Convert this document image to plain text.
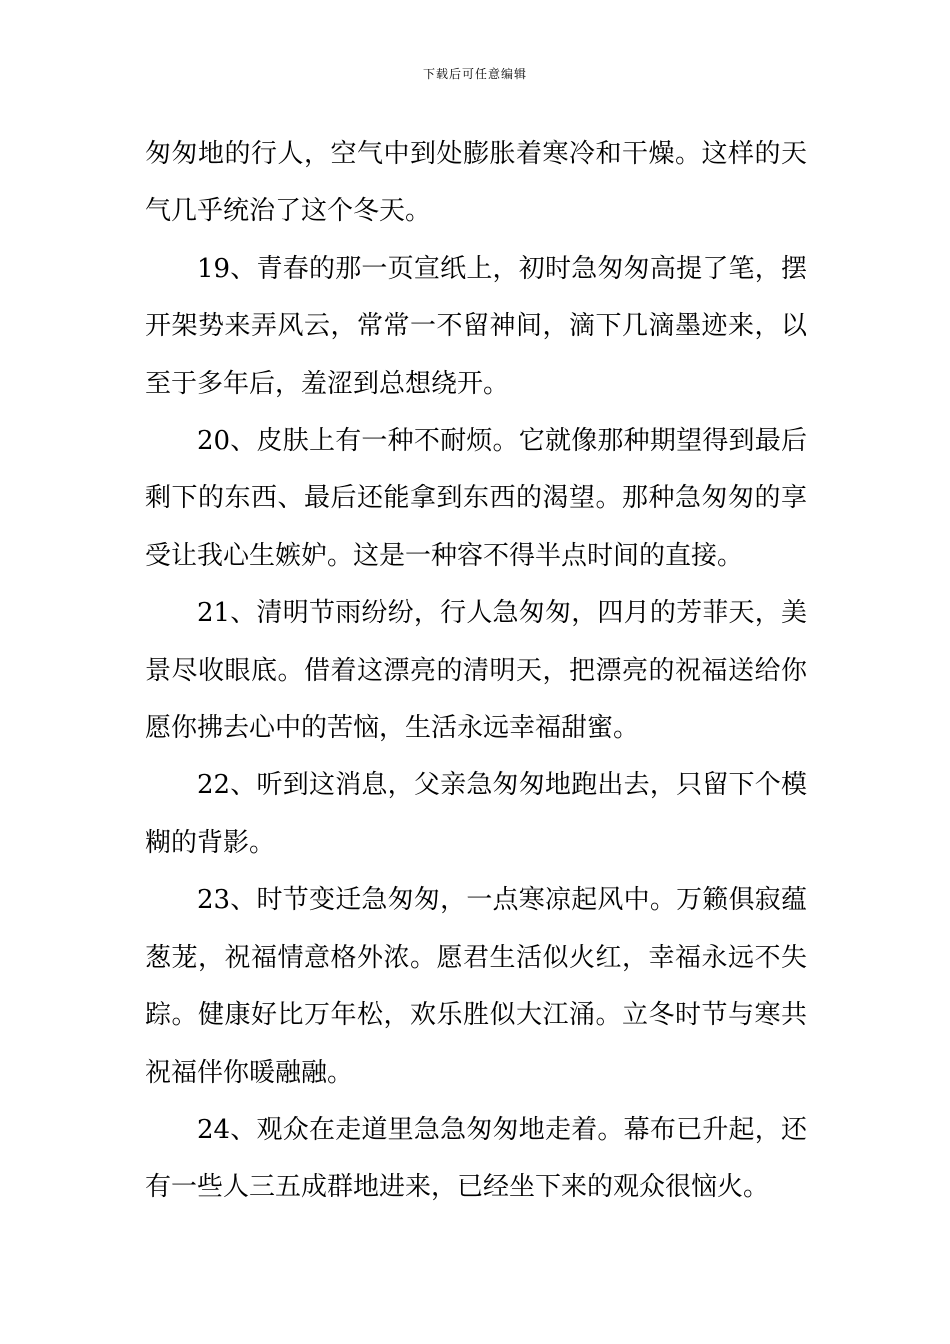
下载后可任意编辑

匆匆地的行人，空气中到处膨胀着寒冷和干燥。这样的天气几乎统治了这个冬天。

19、青春的那一页宣纸上，初时急匆匆高提了笔，摆开架势来弄风云，常常一不留神间，滴下几滴墨迹来，以至于多年后，羞涩到总想绕开。

20、皮肤上有一种不耐烦。它就像那种期望得到最后剩下的东西、最后还能拿到东西的渴望。那种急匆匆的享受让我心生嫉妒。这是一种容不得半点时间的直接。

21、清明节雨纷纷，行人急匆匆，四月的芳菲天，美景尽收眼底。借着这漂亮的清明天，把漂亮的祝福送给你愿你拂去心中的苦恼，生活永远幸福甜蜜。

22、听到这消息，父亲急匆匆地跑出去，只留下个模糊的背影。

23、时节变迁急匆匆，一点寒凉起风中。万籁俱寂蕴葱茏，祝福情意格外浓。愿君生活似火红，幸福永远不失踪。健康好比万年松，欢乐胜似大江涌。立冬时节与寒共祝福伴你暖融融。

24、观众在走道里急急匆匆地走着。幕布已升起，还有一些人三五成群地进来，已经坐下来的观众很恼火。
